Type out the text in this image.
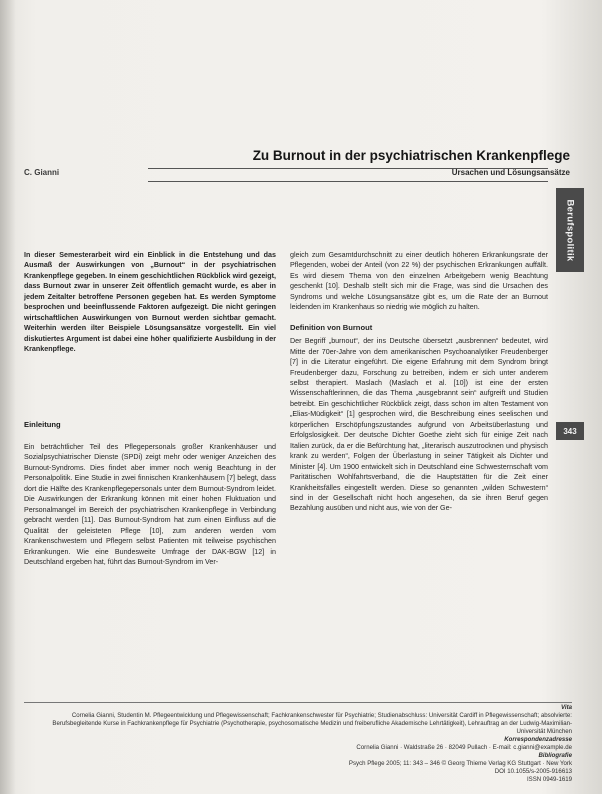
Zu Burnout in der psychiatrischen Krankenpflege
C. Gianni	Ursachen und Lösungsansätze
Berufspolitik
343

In dieser Semesterarbeit wird ein Einblick in die Entstehung und das Ausmaß der Auswirkungen von „Burnout“ in der psychiatrischen Krankenpflege gegeben. In einem geschichtlichen Rückblick wird gezeigt, dass Burnout zwar in unserer Zeit öffentlich gemacht wurde, es aber in jedem Zeitalter betroffene Personen gegeben hat. Es werden Symptome besprochen und beeinflussende Faktoren aufgezeigt. Die nicht geringen wirtschaftlichen Auswirkungen von Burnout werden sichtbar gemacht. Weiterhin werden ilter Beispiele Lösungsansätze vorgestellt. Ein viel diskutiertes Argument ist dabei eine höher qualifizierte Ausbildung in der Krankenpflege.

Einleitung

Ein beträchtlicher Teil des Pflegepersonals großer Krankenhäuser und Sozialpsychiatrischer Dienste (SPDi) zeigt mehr oder weniger Anzeichen des Burnout-Syndroms. Dies findet aber immer noch wenig Beachtung in der Personalpolitik. Eine Studie in zwei finnischen Krankenhäusern [7] belegt, dass dort die Hälfte des Krankenpflegepersonals unter dem Burnout-Syndrom leidet. Die Auswirkungen der Erkrankung können mit einer hohen Fluktuation und Personalmangel im Bereich der psychiatrischen Krankenpflege in Verbindung gebracht werden [11]. Das Burnout-Syndrom hat zum einen Einfluss auf die Qualität der geleisteten Pflege [10], zum anderen werden vom Krankenschwestern und Pflegern selbst Patienten mit teilweise psychischen Erkrankungen. Wie eine Bundesweite Umfrage der DAK-BGW [12] in Deutschland ergeben hat, führt das Burnout-Syndrom im Ver-

gleich zum Gesamtdurchschnitt zu einer deutlich höheren Erkrankungsrate der Pflegenden, wobei der Anteil (von 22 %) der psychischen Erkrankungen auffällt. Es wird diesem Thema von den einzelnen Arbeitgebern wenig Beachtung geschenkt [10]. Deshalb stellt sich mir die Frage, was sind die Ursachen des Syndroms und welche Lösungsansätze gibt es, um die Rate der an Burnout leidenden im Krankenhaus so niedrig wie möglich zu halten.

Definition von Burnout

Der Begriff „burnout“, der ins Deutsche übersetzt „ausbrennen“ bedeutet, wird Mitte der 70er-Jahre von dem amerikanischen Psychoanalytiker Freudenberger [7] in die Literatur eingeführt. Die eigene Erfahrung mit dem Syndrom bringt Freudenberger dazu, Forschung zu betreiben, indem er sich unter anderem selbst therapiert. Maslach (Maslach et al. [10]) ist eine der ersten Wissenschaftlerinnen, die das Thema „ausgebrannt sein“ aufgreift und Studien betreibt. Ein geschichtlicher Rückblick zeigt, dass schon im alten Testament von „Elias-Müdigkeit“ [1] gesprochen wird, die Beschreibung eines seelischen und körperlichen Erschöpfungszustandes aufgrund von Arbeitsüberlastung und Erfolgslosigkeit. Der deutsche Dichter Goethe zieht sich für einige Zeit nach Italien zurück, da er die Befürchtung hat, „literarisch auszutrocknen und physisch krank zu werden“, Folgen der Überlastung in seiner Tätigkeit als Dichter und Minister [4]. Um 1900 entwickelt sich in Deutschland eine Schwesternschaft vom Paritätischen Wohlfahrtsverband, die die Hauptstätten für die Zeit einer Krankheitsfälles eingestellt werden. Diese so genannten „wilden Schwestern“ sind in der Gesellschaft nicht hoch angesehen, da sie ihren Beruf gegen Bezahlung ausüben und nicht aus, wie von der Ge-

Vita
Cornelia Gianni, Studentin M. Pflegeentwicklung und Pflegewissenschaft; Fachkrankenschwester für Psychiatrie; Studienabschluss: Universität Cardiff in Pflegewissenschaft; absolvierte: Berufsbegleitende Kurse in Fachkrankenpflege für Psychiatrie (Psychotherapie, psychosomatische Medizin und freiberufliche Akademische Lehrtätigkeit), Lehrauftrag an der Ludwig-Maximilian-Universität München
Korrespondenzadresse
Cornelia Gianni · Waldstraße 26 · 82049 Pullach · E-mail: c.gianni@example.de
Bibliografie
Psych Pflege 2005; 11: 343 – 346 © Georg Thieme Verlag KG Stuttgart · New York
DOI 10.1055/s-2005-916613
ISSN 0949-1619
